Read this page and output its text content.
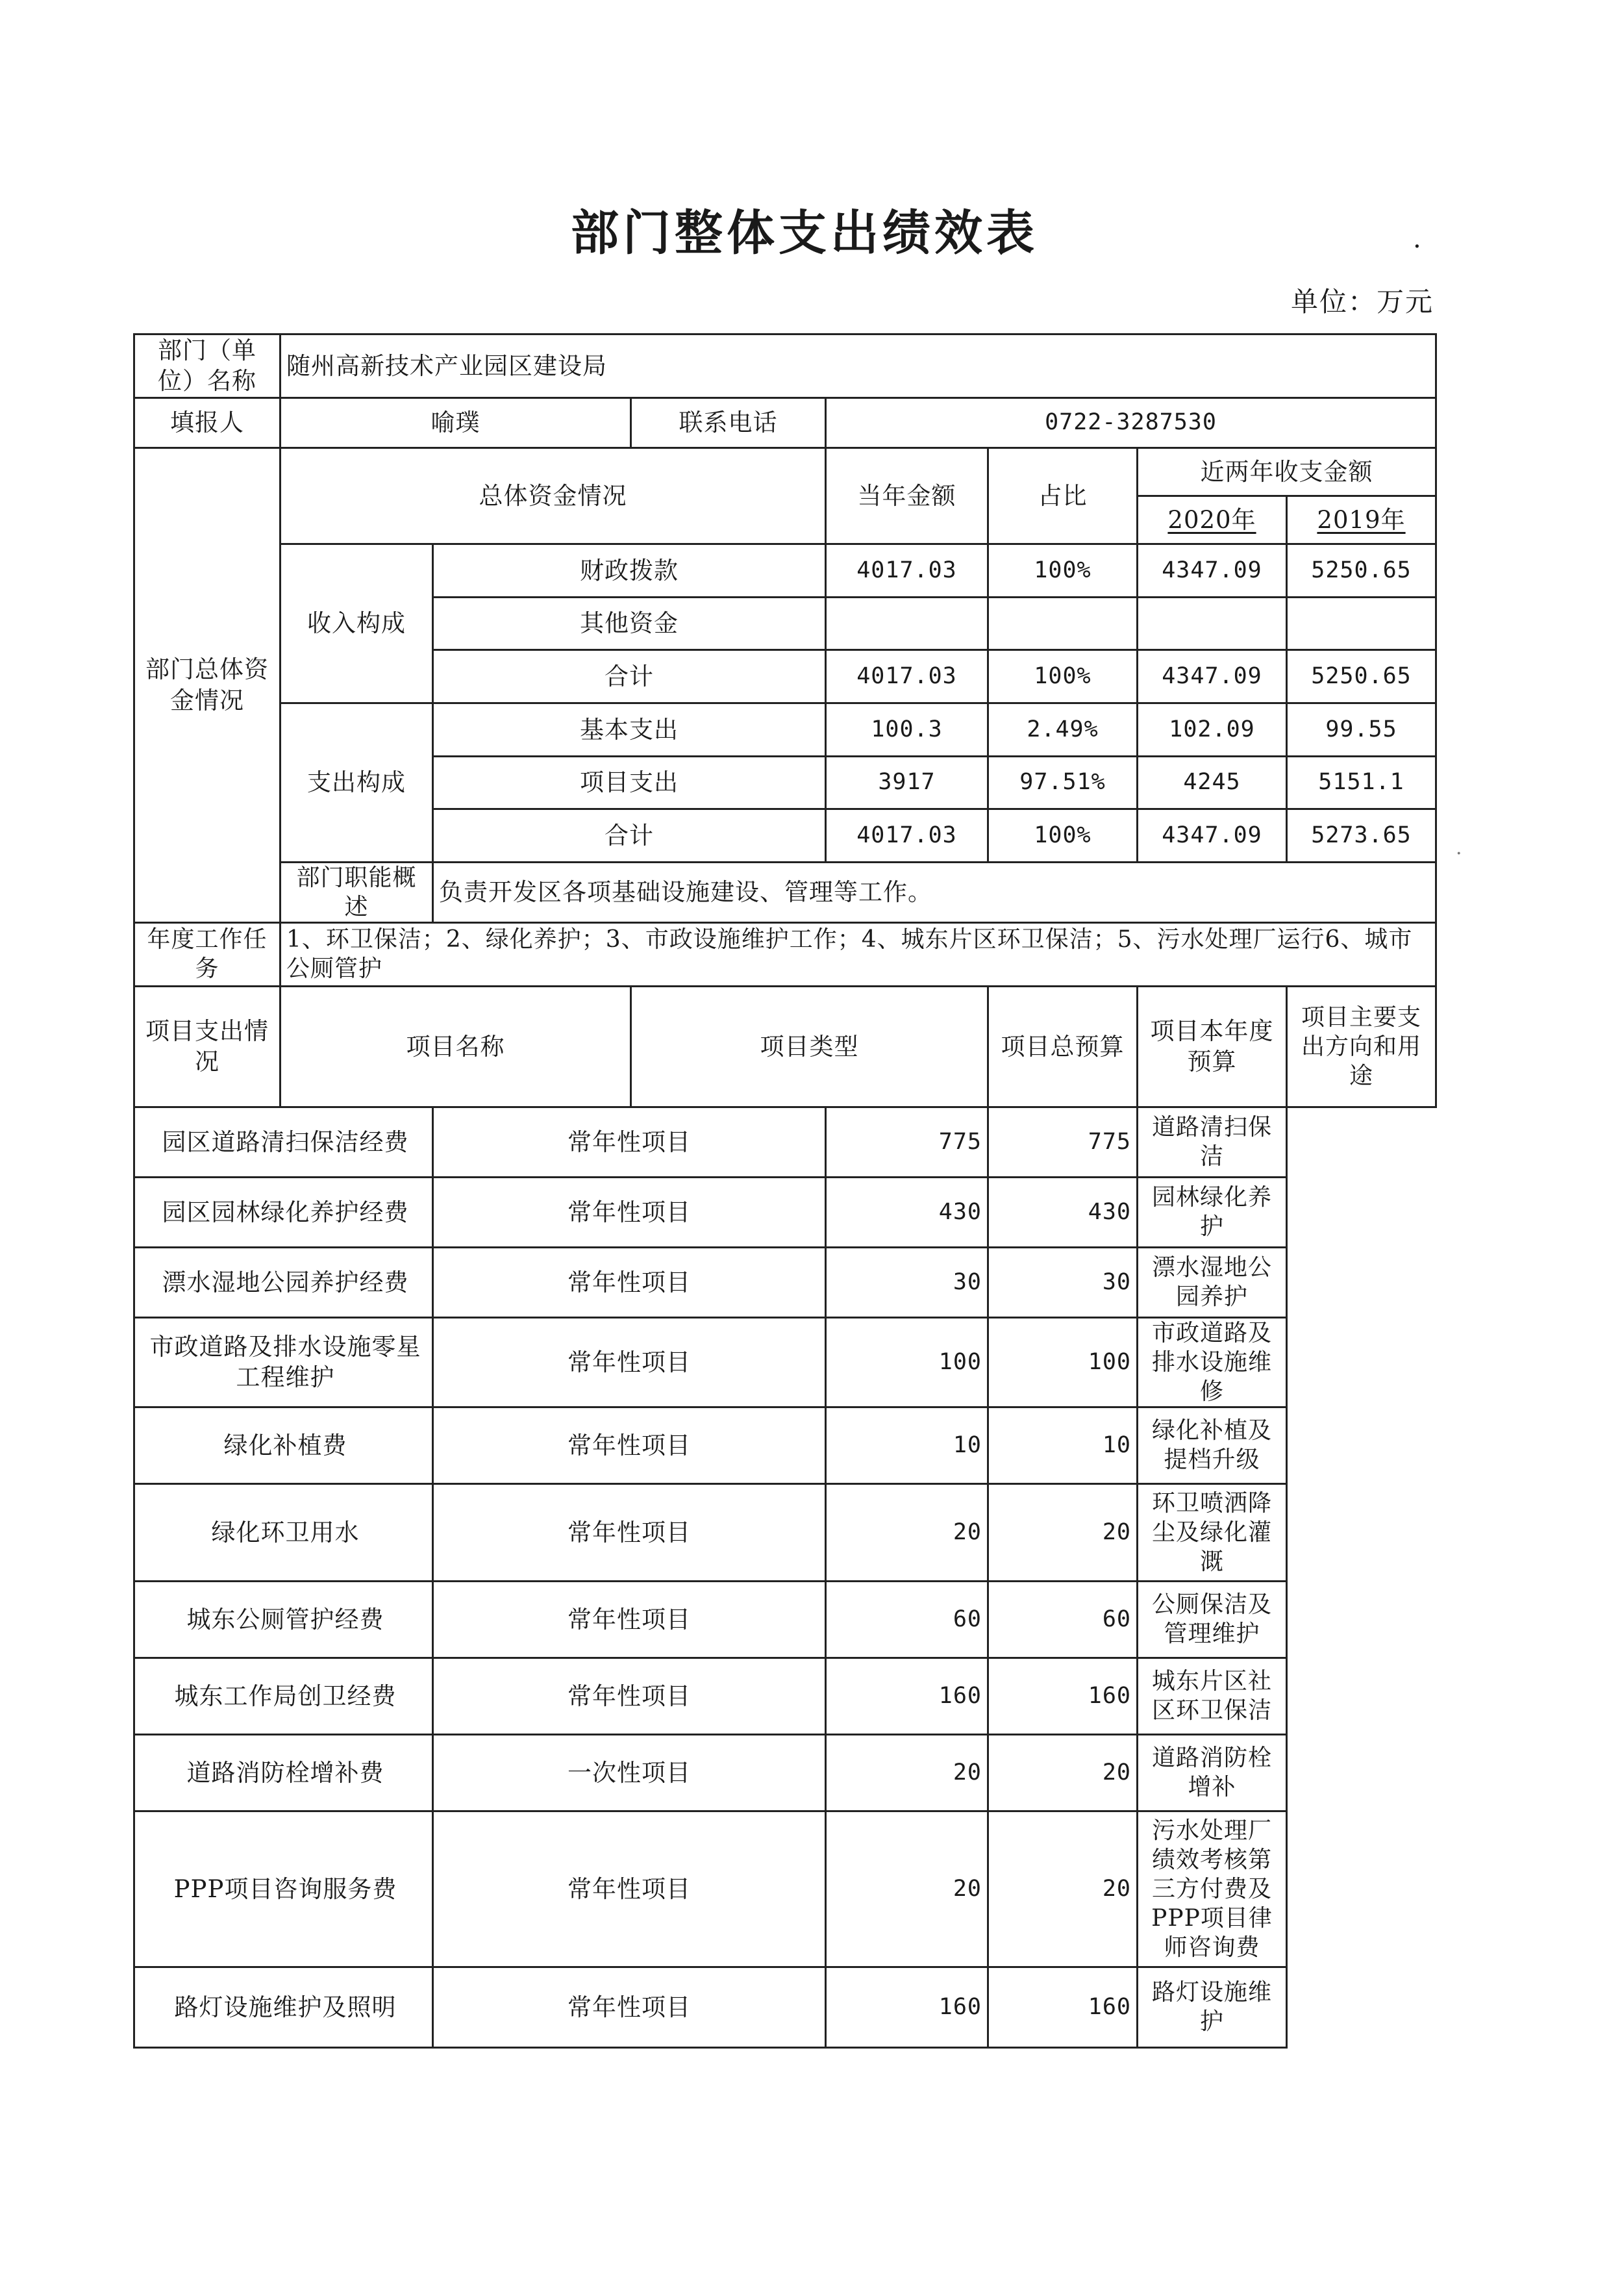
部门整体支出绩效表	.
单位：万元
部门（单位）名称	随州高新技术产业园区建设局						
填报人	喻璞		联系电话	0722-3287530			
部门总体资金情况	总体资金情况			当年金额	占比	近两年收支金额	
						2020年	2019年
	收入构成	财政拨款		4017.03	100%	4347.09	5250.65
		其他资金					
		合计		4017.03	100%	4347.09	5250.65
	支出构成	基本支出		100.3	2.49%	102.09	99.55
		项目支出		3917	97.51%	4245	5151.1
		合计		4017.03	100%	4347.09	5273.65
	部门职能概述	负责开发区各项基础设施建设、管理等工作。					
年度工作任务	1、环卫保洁；2、绿化养护；3、市政设施维护工作；4、城东片区环卫保洁；5、污水处理厂运行6、城市公厕管护						
项目支出情况	项目名称		项目类型		项目总预算	项目本年度预算	项目主要支出方向和用途
园区道路清扫保洁经费		常年性项目		775	775	道路清扫保洁	
园区园林绿化养护经费		常年性项目		430	430	园林绿化养护	
漂水湿地公园养护经费		常年性项目		30	30	漂水湿地公园养护	
市政道路及排水设施零星工程维护		常年性项目		100	100	市政道路及排水设施维修	
绿化补植费		常年性项目		10	10	绿化补植及提档升级	
绿化环卫用水		常年性项目		20	20	环卫喷洒降尘及绿化灌溉	
城东公厕管护经费		常年性项目		60	60	公厕保洁及管理维护	
城东工作局创卫经费		常年性项目		160	160	城东片区社区环卫保洁	
道路消防栓增补费		一次性项目		20	20	道路消防栓增补	
PPP项目咨询服务费		常年性项目		20	20	污水处理厂绩效考核第三方付费及PPP项目律师咨询费	
路灯设施维护及照明		常年性项目		160	160	路灯设施维护	
·
